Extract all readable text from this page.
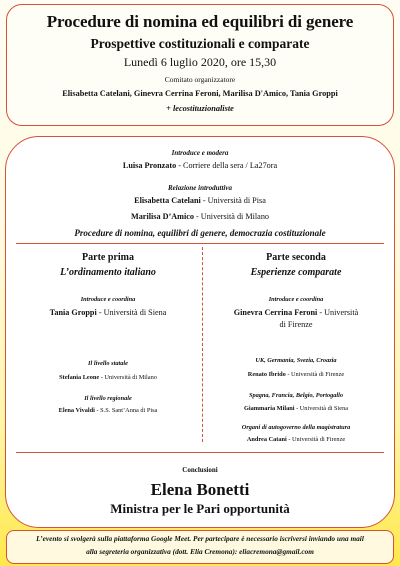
Procedure di nomina ed equilibri di genere
Prospettive costituzionali e comparate
Lunedì 6 luglio 2020, ore 15,30
Comitato organizzatore
Elisabetta Catelani, Ginevra Cerrina Feroni, Marilisa D'Amico, Tania Groppi
+ lecostituzionaliste
Introduce e modera
Luisa Pronzato - Corriere della sera / La27ora
Relazione introduttiva
Elisabetta Catelani - Università di Pisa
Marilisa D’Amico - Università di Milano
Procedure di nomina, equilibri di genere, democrazia costituzionale
Parte prima
L’ordinamento italiano
Introduce e coordina
Tania Groppi - Università di Siena
Il livello statale
Stefania Leone - Università di Milano
Il livello regionale
Elena Vivaldi - S.S. Sant’Anna di Pisa
Parte seconda
Esperienze comparate
Introduce e coordina
Ginevra Cerrina Feroni - Università
di Firenze
UK, Germania, Svezia, Croazia
Renato Ibrido - Università di Firenze
Spagna, Francia, Belgio, Portogallo
Giammaria Milani - Università di Siena
Organi di autogoverno della magistratura
Andrea Catani - Università di Firenze
Conclusioni
Elena Bonetti
Ministra per le Pari opportunità
L’evento si svolgerà sulla piattaforma Google Meet. Per partecipare è necessario iscriversi inviando una mail
alla segreteria organizzativa (dott. Elia Cremona): eliacremona@gmail.com
